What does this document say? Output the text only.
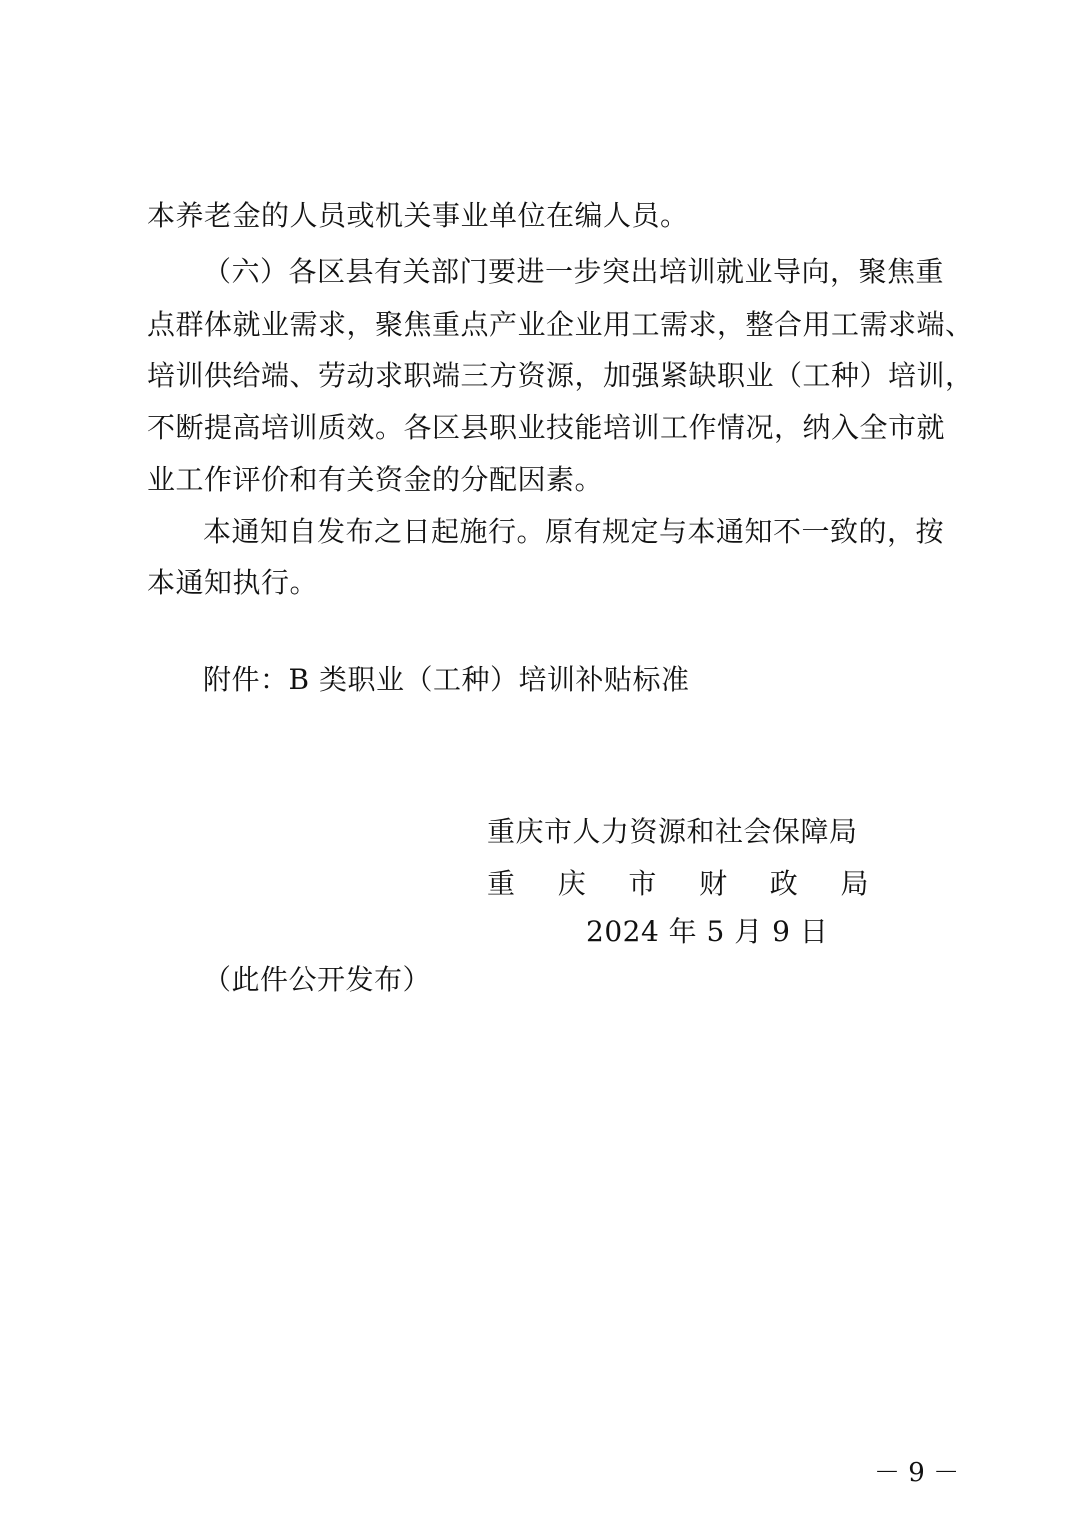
本养老金的人员或机关事业单位在编人员。
（六）各区县有关部门要进一步突出培训就业导向，聚焦重
点群体就业需求，聚焦重点产业企业用工需求，整合用工需求端、
培训供给端、劳动求职端三方资源，加强紧缺职业（工种）培训，
不断提高培训质效。各区县职业技能培训工作情况，纳入全市就
业工作评价和有关资金的分配因素。
本通知自发布之日起施行。原有规定与本通知不一致的，按
本通知执行。
附件：B 类职业（工种）培训补贴标准
重庆市人力资源和社会保障局
重 庆 市 财 政 局
2024 年 5 月 9 日
（此件公开发布）
－ 9 －
